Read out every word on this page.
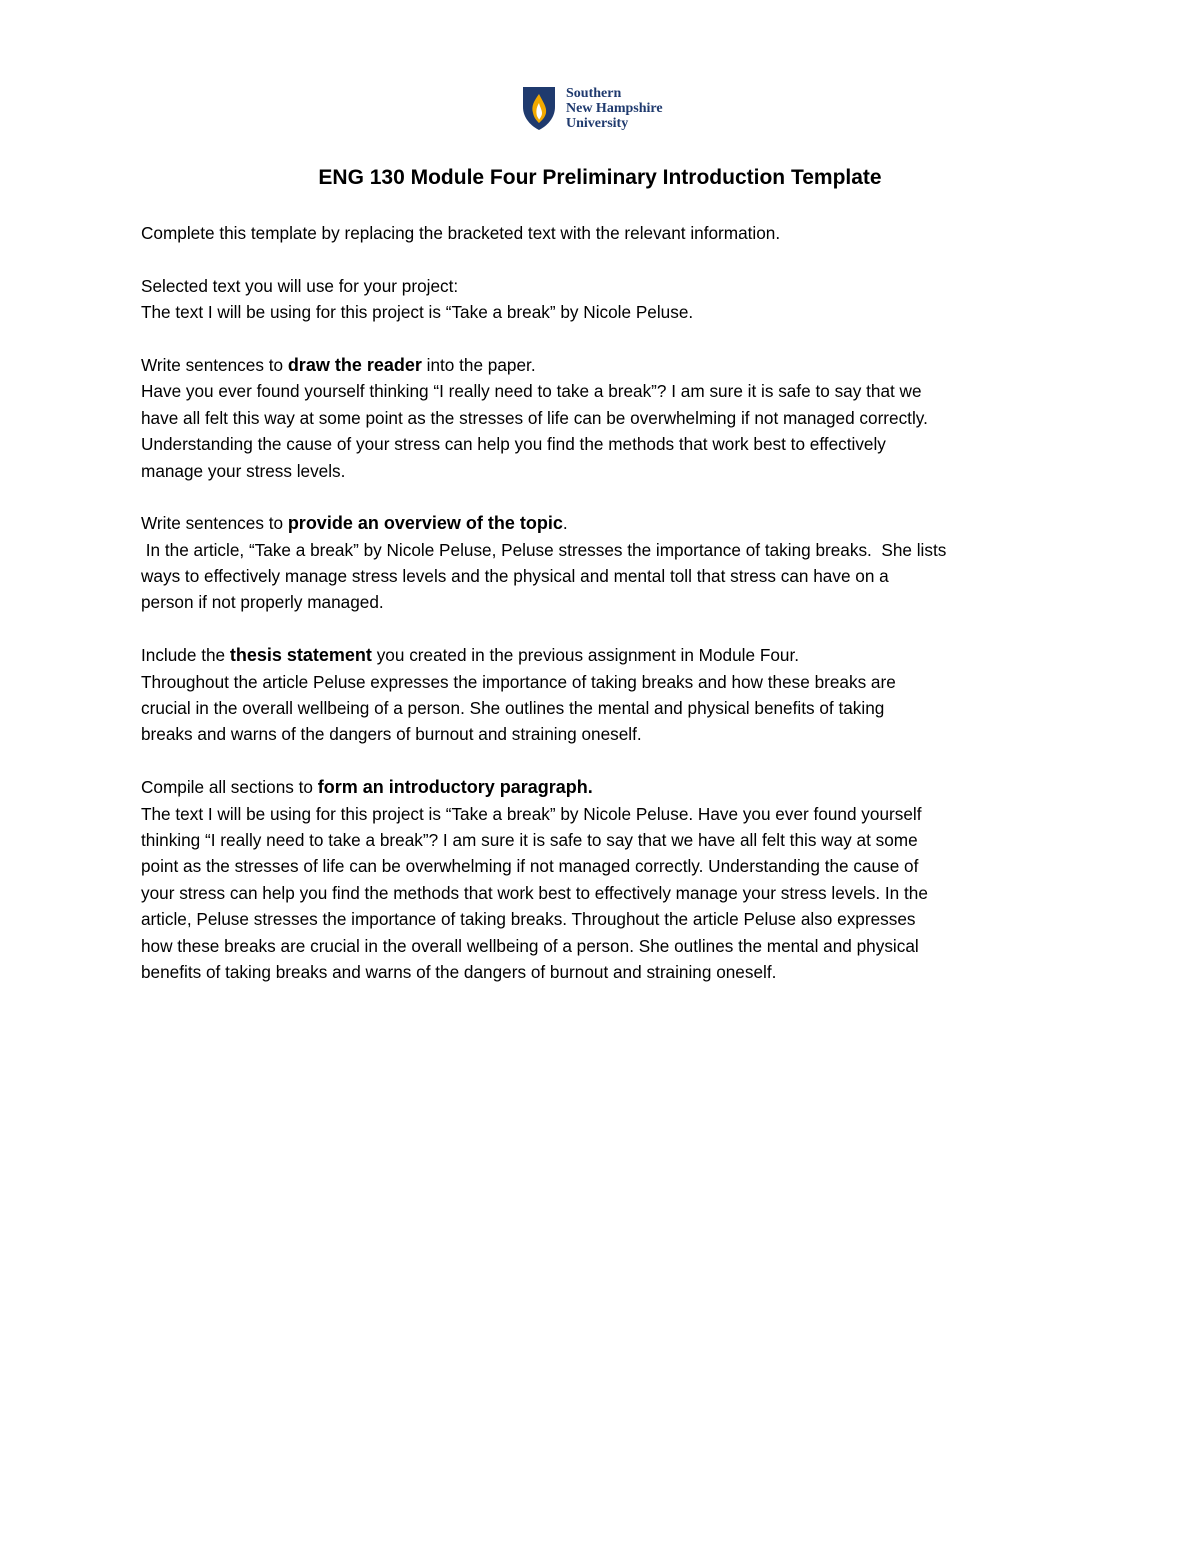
Southern
New Hampshire
University
ENG 130 Module Four Preliminary Introduction Template
Complete this template by replacing the bracketed text with the relevant information.
Selected text you will use for your project:
The text I will be using for this project is “Take a break” by Nicole Peluse.
Write sentences to draw the reader into the paper.
Have you ever found yourself thinking “I really need to take a break”? I am sure it is safe to say that we
have all felt this way at some point as the stresses of life can be overwhelming if not managed correctly.
Understanding the cause of your stress can help you find the methods that work best to effectively
manage your stress levels.
Write sentences to provide an overview of the topic.
In the article, “Take a break” by Nicole Peluse, Peluse stresses the importance of taking breaks.  She lists
ways to effectively manage stress levels and the physical and mental toll that stress can have on a
person if not properly managed.
Include the thesis statement you created in the previous assignment in Module Four.
Throughout the article Peluse expresses the importance of taking breaks and how these breaks are
crucial in the overall wellbeing of a person. She outlines the mental and physical benefits of taking
breaks and warns of the dangers of burnout and straining oneself.
Compile all sections to form an introductory paragraph.
The text I will be using for this project is “Take a break” by Nicole Peluse. Have you ever found yourself
thinking “I really need to take a break”? I am sure it is safe to say that we have all felt this way at some
point as the stresses of life can be overwhelming if not managed correctly. Understanding the cause of
your stress can help you find the methods that work best to effectively manage your stress levels. In the
article, Peluse stresses the importance of taking breaks. Throughout the article Peluse also expresses
how these breaks are crucial in the overall wellbeing of a person. She outlines the mental and physical
benefits of taking breaks and warns of the dangers of burnout and straining oneself.
